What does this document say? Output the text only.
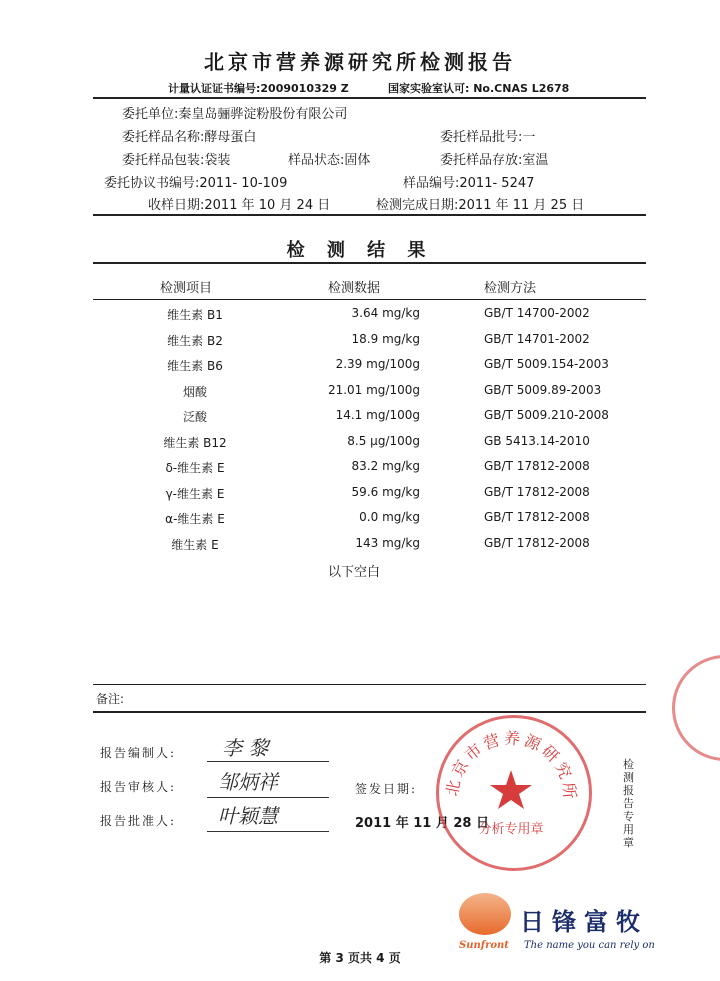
北京市营养源研究所检测报告
计量认证证书编号:2009010329 Z	国家实验室认可: No.CNAS L2678
委托单位:秦皇岛骊骅淀粉股份有限公司
委托样品名称:酵母蛋白	委托样品批号:一
委托样品包装:袋装	样品状态:固体	委托样品存放:室温
委托协议书编号:2011- 10-109	样品编号:2011- 5247
收样日期:2011 年 10 月 24 日	检测完成日期:2011 年 11 月 25 日
检 测 结 果
检测项目	检测数据	检测方法
维生素 B1	3.64 mg/kg	GB/T 14700-2002
维生素 B2	18.9 mg/kg	GB/T 14701-2002
维生素 B6	2.39 mg/100g	GB/T 5009.154-2003
烟酸	21.01 mg/100g	GB/T 5009.89-2003
泛酸	14.1 mg/100g	GB/T 5009.210-2008
维生素 B12	8.5 μg/100g	GB 5413.14-2010
δ-维生素 E	83.2 mg/kg	GB/T 17812-2008
γ-维生素 E	59.6 mg/kg	GB/T 17812-2008
α-维生素 E	0.0 mg/kg	GB/T 17812-2008
维生素 E	143 mg/kg	GB/T 17812-2008
以下空白
备注:
报告编制人: 李 黎
报告审核人: 邹炳祥	签发日期:
报告批准人: 叶颖慧	2011 年 11 月 28 日
北京市营养源研究所
分析专用章
检测报告专用章
日锋富牧
Sunfront The name you can rely on
第 3 页共 4 页
